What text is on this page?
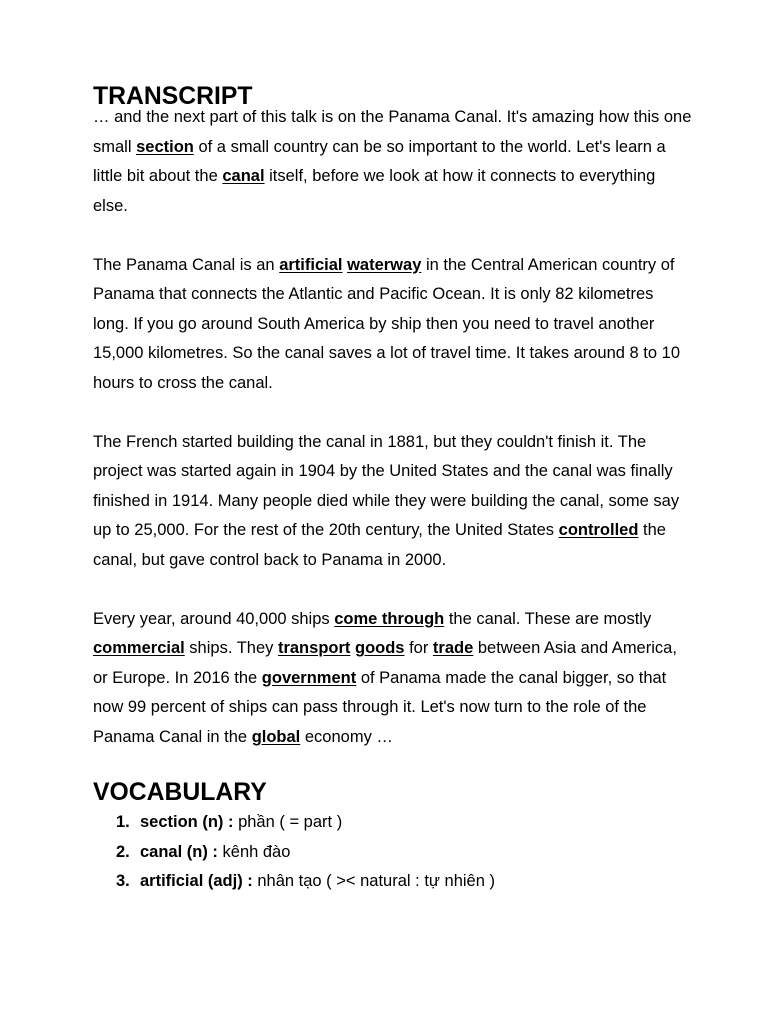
TRANSCRIPT

… and the next part of this talk is on the Panama Canal. It's amazing how this one small section of a small country can be so important to the world. Let's learn a little bit about the canal itself, before we look at how it connects to everything else.

The Panama Canal is an artificial waterway in the Central American country of Panama that connects the Atlantic and Pacific Ocean. It is only 82 kilometres long. If you go around South America by ship then you need to travel another 15,000 kilometres. So the canal saves a lot of travel time. It takes around 8 to 10 hours to cross the canal.

The French started building the canal in 1881, but they couldn't finish it. The project was started again in 1904 by the United States and the canal was finally finished in 1914. Many people died while they were building the canal, some say up to 25,000. For the rest of the 20th century, the United States controlled the canal, but gave control back to Panama in 2000.

Every year, around 40,000 ships come through the canal. These are mostly commercial ships. They transport goods for trade between Asia and America, or Europe. In 2016 the government of Panama made the canal bigger, so that now 99 percent of ships can pass through it. Let's now turn to the role of the Panama Canal in the global economy …

VOCABULARY
1. section (n) : phần ( = part )
2. canal (n) : kênh đào
3. artificial (adj) : nhân tạo ( >< natural : tự nhiên )
